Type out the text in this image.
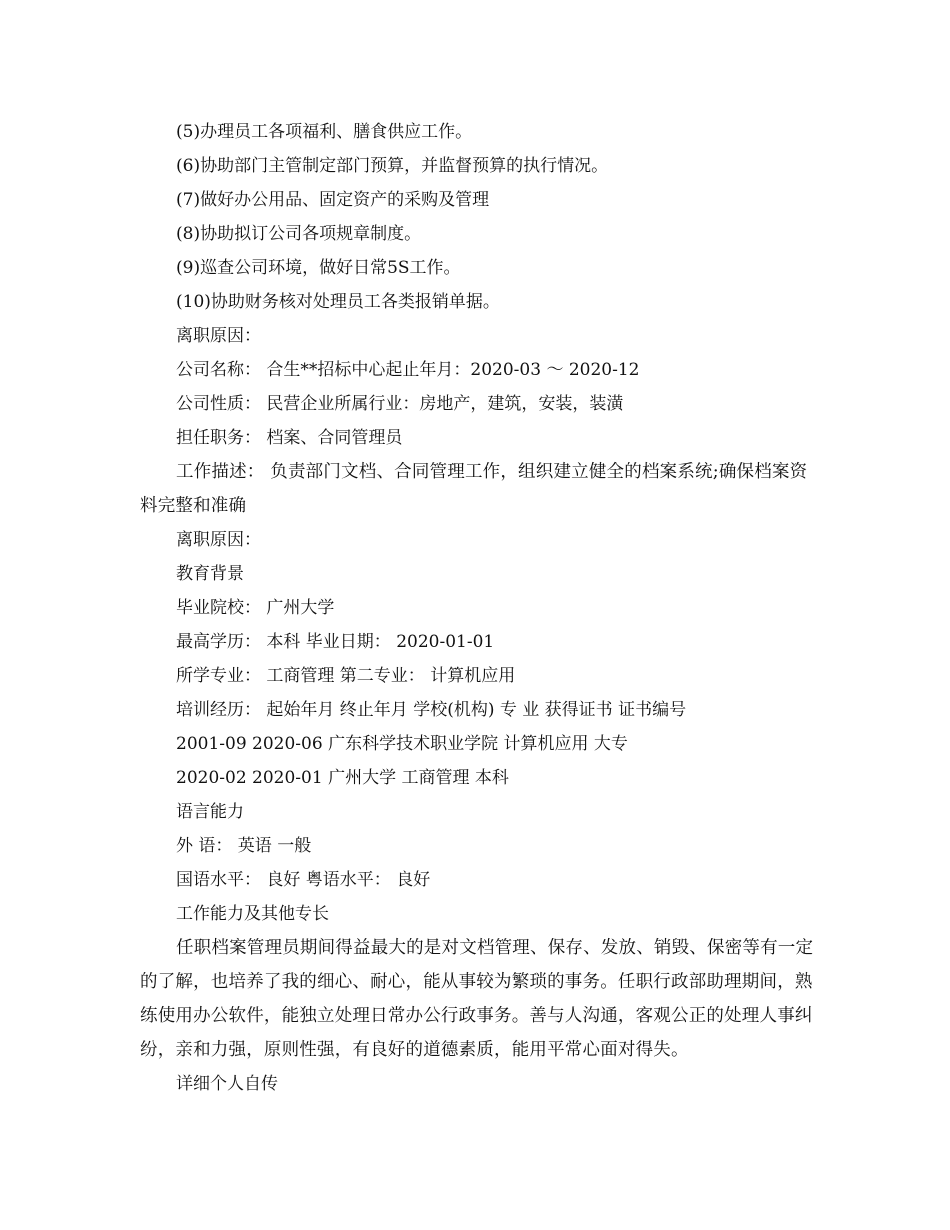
(5)办理员工各项福利、膳食供应工作。
(6)协助部门主管制定部门预算，并监督预算的执行情况。
(7)做好办公用品、固定资产的采购及管理
(8)协助拟订公司各项规章制度。
(9)巡查公司环境，做好日常5S工作。
(10)协助财务核对处理员工各类报销单据。
离职原因：
公司名称： 合生**招标中心起止年月：2020-03 ～ 2020-12
公司性质： 民营企业所属行业：房地产，建筑，安装，装潢
担任职务： 档案、合同管理员
工作描述： 负责部门文档、合同管理工作，组织建立健全的档案系统;确保档案资料完整和准确
离职原因：
教育背景
毕业院校： 广州大学
最高学历： 本科 毕业日期： 2020-01-01
所学专业： 工商管理 第二专业： 计算机应用
培训经历： 起始年月 终止年月 学校(机构) 专 业 获得证书 证书编号
2001-09 2020-06 广东科学技术职业学院 计算机应用 大专
2020-02 2020-01 广州大学 工商管理 本科
语言能力
外 语： 英语 一般
国语水平： 良好 粤语水平： 良好
工作能力及其他专长
任职档案管理员期间得益最大的是对文档管理、保存、发放、销毁、保密等有一定的了解，也培养了我的细心、耐心，能从事较为繁琐的事务。任职行政部助理期间，熟练使用办公软件，能独立处理日常办公行政事务。善与人沟通，客观公正的处理人事纠纷，亲和力强，原则性强，有良好的道德素质，能用平常心面对得失。
详细个人自传
